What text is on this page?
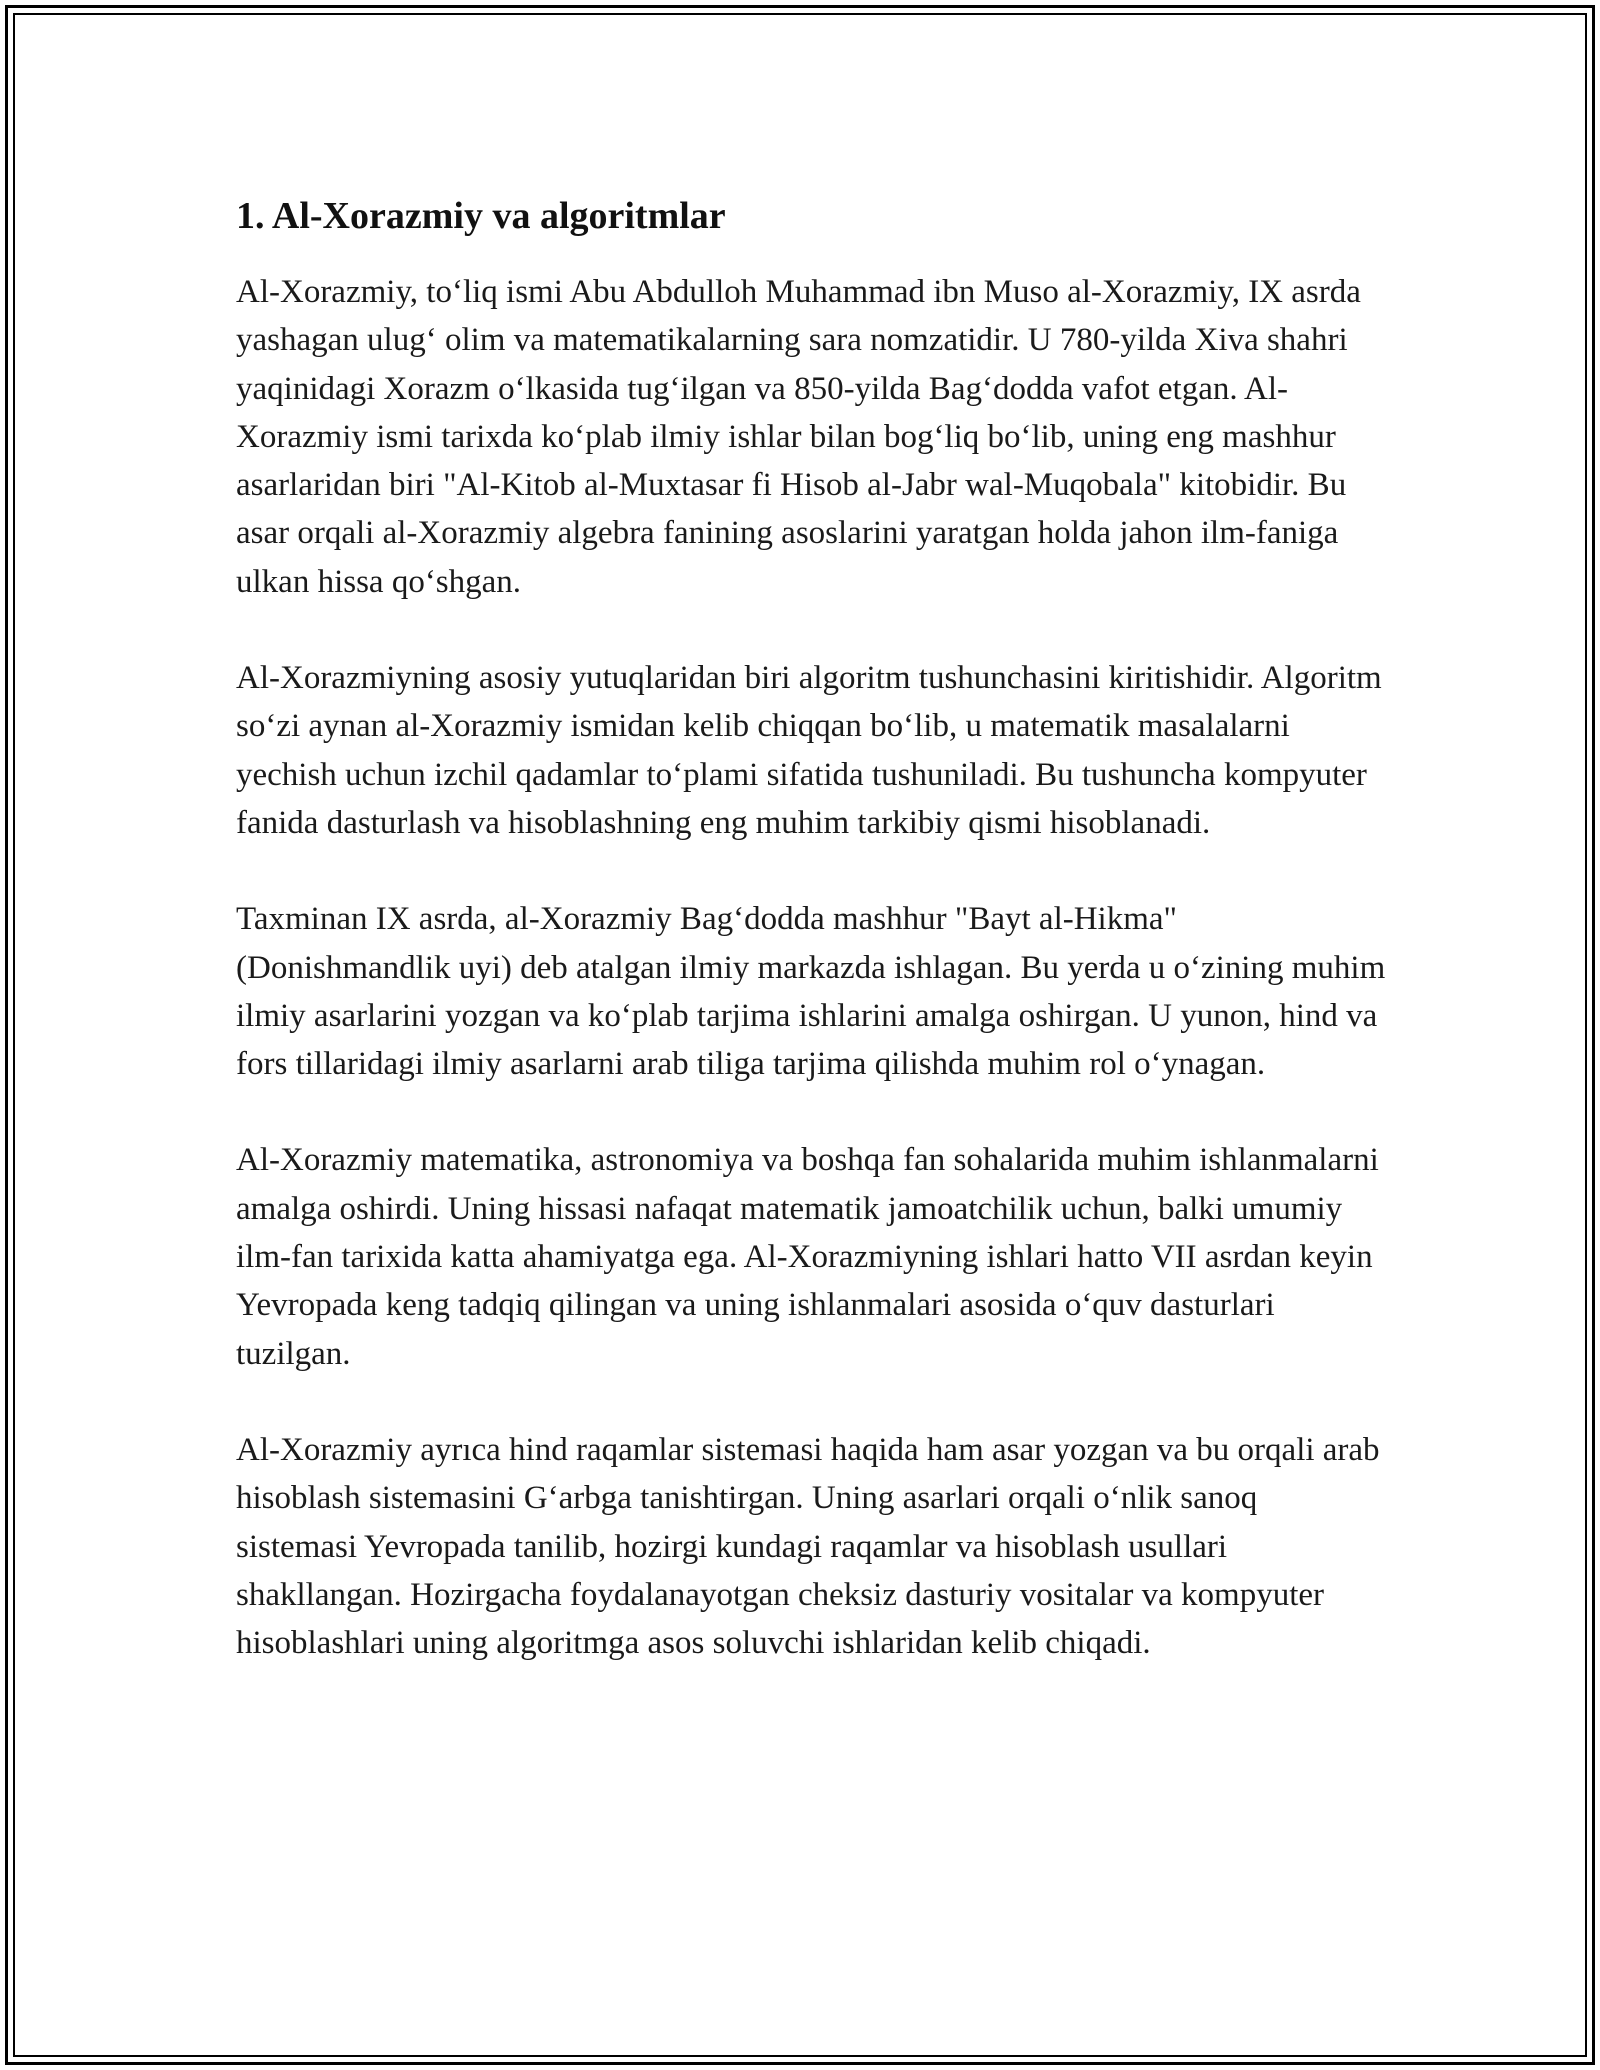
1. Al-Xorazmiy va algoritmlar

Al-Xorazmiy, to‘liq ismi Abu Abdulloh Muhammad ibn Muso al-Xorazmiy, IX asrda yashagan ulug‘ olim va matematikalarning sara nomzatidir. U 780-yilda Xiva shahri yaqinidagi Xorazm o‘lkasida tug‘ilgan va 850-yilda Bag‘dodda vafot etgan. Al-Xorazmiy ismi tarixda ko‘plab ilmiy ishlar bilan bog‘liq bo‘lib, uning eng mashhur asarlaridan biri "Al-Kitob al-Muxtasar fi Hisob al-Jabr wal-Muqobala" kitobidir. Bu asar orqali al-Xorazmiy algebra fanining asoslarini yaratgan holda jahon ilm-faniga ulkan hissa qo‘shgan.

Al-Xorazmiyning asosiy yutuqlaridan biri algoritm tushunchasini kiritishidir. Algoritm so‘zi aynan al-Xorazmiy ismidan kelib chiqqan bo‘lib, u matematik masalalarni yechish uchun izchil qadamlar to‘plami sifatida tushuniladi. Bu tushuncha kompyuter fanida dasturlash va hisoblashning eng muhim tarkibiy qismi hisoblanadi.

Taxminan IX asrda, al-Xorazmiy Bag‘dodda mashhur "Bayt al-Hikma" (Donishmandlik uyi) deb atalgan ilmiy markazda ishlagan. Bu yerda u o‘zining muhim ilmiy asarlarini yozgan va ko‘plab tarjima ishlarini amalga oshirgan. U yunon, hind va fors tillaridagi ilmiy asarlarni arab tiliga tarjima qilishda muhim rol o‘ynagan.

Al-Xorazmiy matematika, astronomiya va boshqa fan sohalarida muhim ishlanmalarni amalga oshirdi. Uning hissasi nafaqat matematik jamoatchilik uchun, balki umumiy ilm-fan tarixida katta ahamiyatga ega. Al-Xorazmiyning ishlari hatto VII asrdan keyin Yevropada keng tadqiq qilingan va uning ishlanmalari asosida o‘quv dasturlari tuzilgan.

Al-Xorazmiy ayrıca hind raqamlar sistemasi haqida ham asar yozgan va bu orqali arab hisoblash sistemasini G‘arbga tanishtirgan. Uning asarlari orqali o‘nlik sanoq sistemasi Yevropada tanilib, hozirgi kundagi raqamlar va hisoblash usullari shakllangan. Hozirgacha foydalanayotgan cheksiz dasturiy vositalar va kompyuter hisoblashlari uning algoritmga asos soluvchi ishlaridan kelib chiqadi.
